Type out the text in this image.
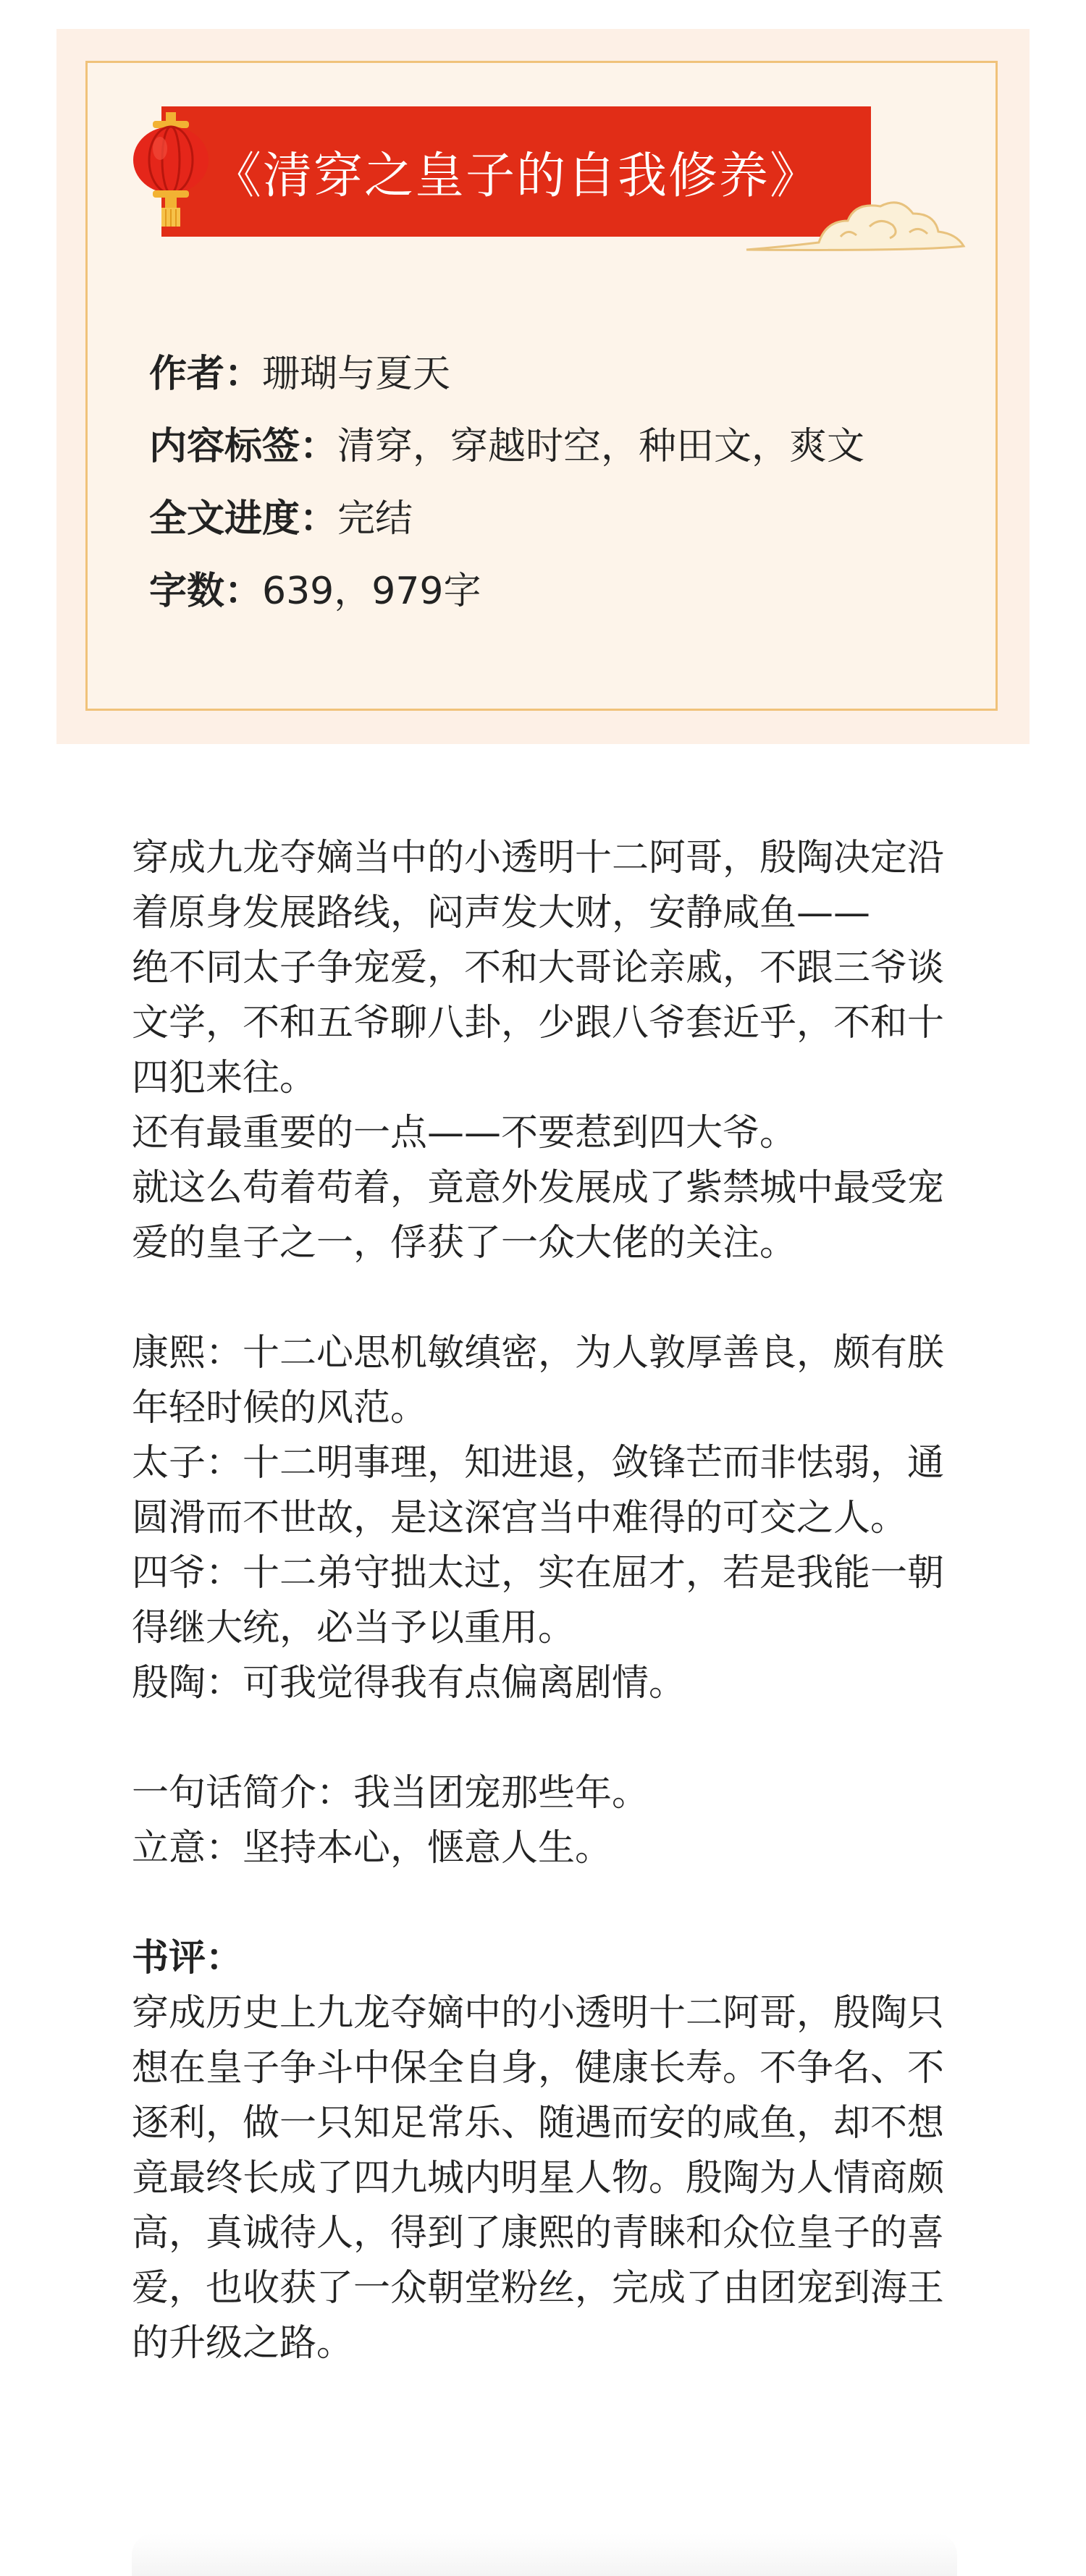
《清穿之皇子的自我修养》

作者：珊瑚与夏天

内容标签：清穿，穿越时空，种田文，爽文

全文进度：完结

字数：639，979字

穿成九龙夺嫡当中的小透明十二阿哥，殷陶决定沿着原身发展路线，闷声发大财，安静咸鱼——

绝不同太子争宠爱，不和大哥论亲戚，不跟三爷谈文学，不和五爷聊八卦，少跟八爷套近乎，不和十四犯来往。

还有最重要的一点——不要惹到四大爷。

就这么苟着苟着，竟意外发展成了紫禁城中最受宠爱的皇子之一，俘获了一众大佬的关注。

康熙：十二心思机敏缜密，为人敦厚善良，颇有朕年轻时候的风范。

太子：十二明事理，知进退，敛锋芒而非怯弱，通圆滑而不世故，是这深宫当中难得的可交之人。

四爷：十二弟守拙太过，实在屈才，若是我能一朝得继大统，必当予以重用。

殷陶：可我觉得我有点偏离剧情。

一句话简介：我当团宠那些年。

立意：坚持本心，惬意人生。

书评：

穿成历史上九龙夺嫡中的小透明十二阿哥，殷陶只想在皇子争斗中保全自身，健康长寿。不争名、不逐利，做一只知足常乐、随遇而安的咸鱼，却不想竟最终长成了四九城内明星人物。殷陶为人情商颇高，真诚待人，得到了康熙的青睐和众位皇子的喜爱，也收获了一众朝堂粉丝，完成了由团宠到海王的升级之路。
